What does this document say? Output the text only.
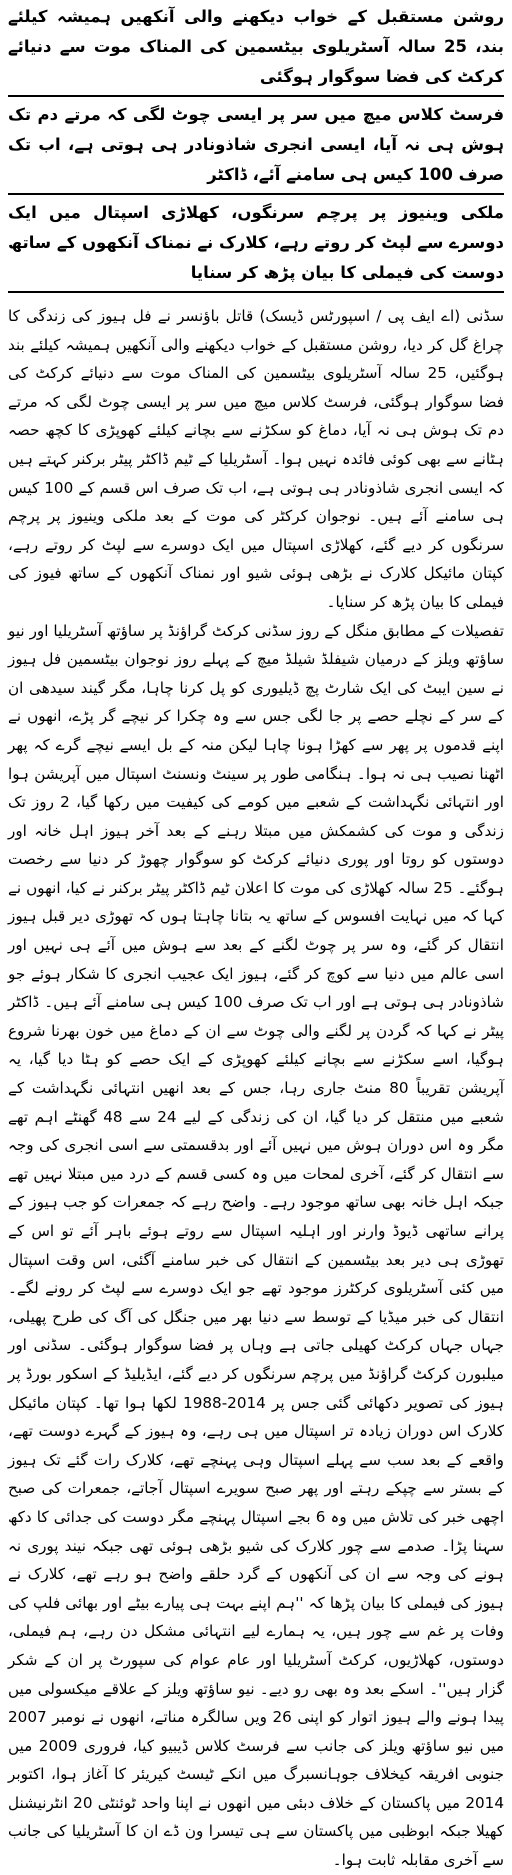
روشن مستقبل کے خواب دیکھنے والی آنکھیں ہمیشہ کیلئے بند، 25 سالہ آسٹریلوی بیٹسمین کی المناک موت سے دنیائے کرکٹ کی فضا سوگوار ہوگئی
فرسٹ کلاس میچ میں سر پر ایسی چوٹ لگی کہ مرتے دم تک ہوش ہی نہ آیا، ایسی انجری شاذونادر ہی ہوتی ہے، اب تک صرف 100 کیس ہی سامنے آئے، ڈاکٹر
ملکی وینیوز پر پرچم سرنگوں، کھلاڑی اسپتال میں ایک دوسرے سے لپٹ کر روتے رہے، کلارک نے نمناک آنکھوں کے ساتھ دوست کی فیملی کا بیان پڑھ کر سنایا

سڈنی (اے ایف پی / اسپورٹس ڈیسک) قاتل باؤنسر نے فل ہیوز کی زندگی کا چراغ گل کر دیا، روشن مستقبل کے خواب دیکھنے والی آنکھیں ہمیشہ کیلئے بند ہوگئیں، 25 سالہ آسٹریلوی بیٹسمین کی المناک موت سے دنیائے کرکٹ کی فضا سوگوار ہوگئی، فرسٹ کلاس میچ میں سر پر ایسی چوٹ لگی کہ مرتے دم تک ہوش ہی نہ آیا، دماغ کو سکڑنے سے بچانے کیلئے کھوپڑی کا کچھ حصہ ہٹانے سے بھی کوئی فائدہ نہیں ہوا۔ آسٹریلیا کے ٹیم ڈاکٹر پیٹر برکنر کہتے ہیں کہ ایسی انجری شاذونادر ہی ہوتی ہے، اب تک صرف اس قسم کے 100 کیس ہی سامنے آئے ہیں۔ نوجوان کرکٹر کی موت کے بعد ملکی وینیوز پر پرچم سرنگوں کر دیے گئے، کھلاڑی اسپتال میں ایک دوسرے سے لپٹ کر روتے رہے، کپتان مائیکل کلارک نے بڑھی ہوئی شیو اور نمناک آنکھوں کے ساتھ فیوز کی فیملی کا بیان پڑھ کر سنایا۔

تفصیلات کے مطابق منگل کے روز سڈنی کرکٹ گراؤنڈ پر ساؤتھ آسٹریلیا اور نیو ساؤتھ ویلز کے درمیان شیفلڈ شیلڈ میچ کے پہلے روز نوجوان بیٹسمین فل ہیوز نے سین ایبٹ کی ایک شارٹ پچ ڈیلیوری کو پل کرنا چاہا، مگر گیند سیدھی ان کے سر کے نچلے حصے پر جا لگی جس سے وہ چکرا کر نیچے گر پڑے، انھوں نے اپنے قدموں پر پھر سے کھڑا ہونا چاہا لیکن منہ کے بل ایسے نیچے گرے کہ پھر اٹھنا نصیب ہی نہ ہوا۔ ہنگامی طور پر سینٹ ونسنٹ اسپتال میں آپریشن ہوا اور انتہائی نگہداشت کے شعبے میں کومے کی کیفیت میں رکھا گیا، 2 روز تک زندگی و موت کی کشمکش میں مبتلا رہنے کے بعد آخر ہیوز اہل خانہ اور دوستوں کو روتا اور پوری دنیائے کرکٹ کو سوگوار چھوڑ کر دنیا سے رخصت ہوگئے۔ 25 سالہ کھلاڑی کی موت کا اعلان ٹیم ڈاکٹر پیٹر برکنر نے کیا، انھوں نے کہا کہ میں نہایت افسوس کے ساتھ یہ بتانا چاہتا ہوں کہ تھوڑی دیر قبل ہیوز انتقال کر گئے، وہ سر پر چوٹ لگنے کے بعد سے ہوش میں آئے ہی نہیں اور اسی عالم میں دنیا سے کوچ کر گئے، ہیوز ایک عجیب انجری کا شکار ہوئے جو شاذونادر ہی ہوتی ہے اور اب تک صرف 100 کیس ہی سامنے آئے ہیں۔ ڈاکٹر پیٹر نے کہا کہ گردن پر لگنے والی چوٹ سے ان کے دماغ میں خون بھرنا شروع ہوگیا، اسے سکڑنے سے بچانے کیلئے کھوپڑی کے ایک حصے کو ہٹا دیا گیا، یہ آپریشن تقریباً 80 منٹ جاری رہا، جس کے بعد انھیں انتہائی نگہداشت کے شعبے میں منتقل کر دیا گیا، ان کی زندگی کے لیے 24 سے 48 گھنٹے اہم تھے مگر وہ اس دوران ہوش میں نہیں آئے اور بدقسمتی سے اسی انجری کی وجہ سے انتقال کر گئے، آخری لمحات میں وہ کسی قسم کے درد میں مبتلا نہیں تھے جبکہ اہل خانہ بھی ساتھ موجود رہے۔ واضح رہے کہ جمعرات کو جب ہیوز کے پرانے ساتھی ڈیوڈ وارنر اور اہلیہ اسپتال سے روتے ہوئے باہر آئے تو اس کے تھوڑی ہی دیر بعد بیٹسمین کے انتقال کی خبر سامنے آگئی، اس وقت اسپتال میں کئی آسٹریلوی کرکٹرز موجود تھے جو ایک دوسرے سے لپٹ کر رونے لگے۔ انتقال کی خبر میڈیا کے توسط سے دنیا بھر میں جنگل کی آگ کی طرح پھیلی، جہاں جہاں کرکٹ کھیلی جاتی ہے وہاں پر فضا سوگوار ہوگئی۔ سڈنی اور میلبورن کرکٹ گراؤنڈ میں پرچم سرنگوں کر دیے گئے، ایڈیلیڈ کے اسکور بورڈ پر ہیوز کی تصویر دکھائی گئی جس پر 2014-1988 لکھا ہوا تھا۔ کپتان مائیکل کلارک اس دوران زیادہ تر اسپتال میں ہی رہے، وہ ہیوز کے گہرے دوست تھے، واقعے کے بعد سب سے پہلے اسپتال وہی پہنچے تھے، کلارک رات گئے تک ہیوز کے بستر سے چپکے رہتے اور پھر صبح سویرے اسپتال آجاتے، جمعرات کی صبح اچھی خبر کی تلاش میں وہ 6 بجے اسپتال پہنچے مگر دوست کی جدائی کا دکھ سہنا پڑا۔ صدمے سے چور کلارک کی شیو بڑھی ہوئی تھی جبکہ نیند پوری نہ ہونے کی وجہ سے ان کی آنکھوں کے گرد حلقے واضح ہو رہے تھے، کلارک نے ہیوز کی فیملی کا بیان پڑھا کہ ''ہم اپنے بہت ہی پیارے بیٹے اور بھائی فلپ کی وفات پر غم سے چور ہیں، یہ ہمارے لیے انتہائی مشکل دن رہے، ہم فیملی، دوستوں، کھلاڑیوں، کرکٹ آسٹریلیا اور عام عوام کی سپورٹ پر ان کے شکر گزار ہیں''۔ اسکے بعد وہ بھی رو دیے۔ نیو ساؤتھ ویلز کے علاقے میکسولی میں پیدا ہونے والے ہیوز اتوار کو اپنی 26 ویں سالگرہ مناتے، انھوں نے نومبر 2007 میں نیو ساؤتھ ویلز کی جانب سے فرسٹ کلاس ڈیبیو کیا، فروری 2009 میں جنوبی افریقہ کیخلاف جوہانسبرگ میں انکے ٹیسٹ کیریئر کا آغاز ہوا، اکتوبر 2014 میں پاکستان کے خلاف دبئی میں انھوں نے اپنا واحد ٹوئنٹی 20 انٹرنیشنل کھیلا جبکہ ابوظبی میں پاکستان سے ہی تیسرا ون ڈے ان کا آسٹریلیا کی جانب سے آخری مقابلہ ثابت ہوا۔
